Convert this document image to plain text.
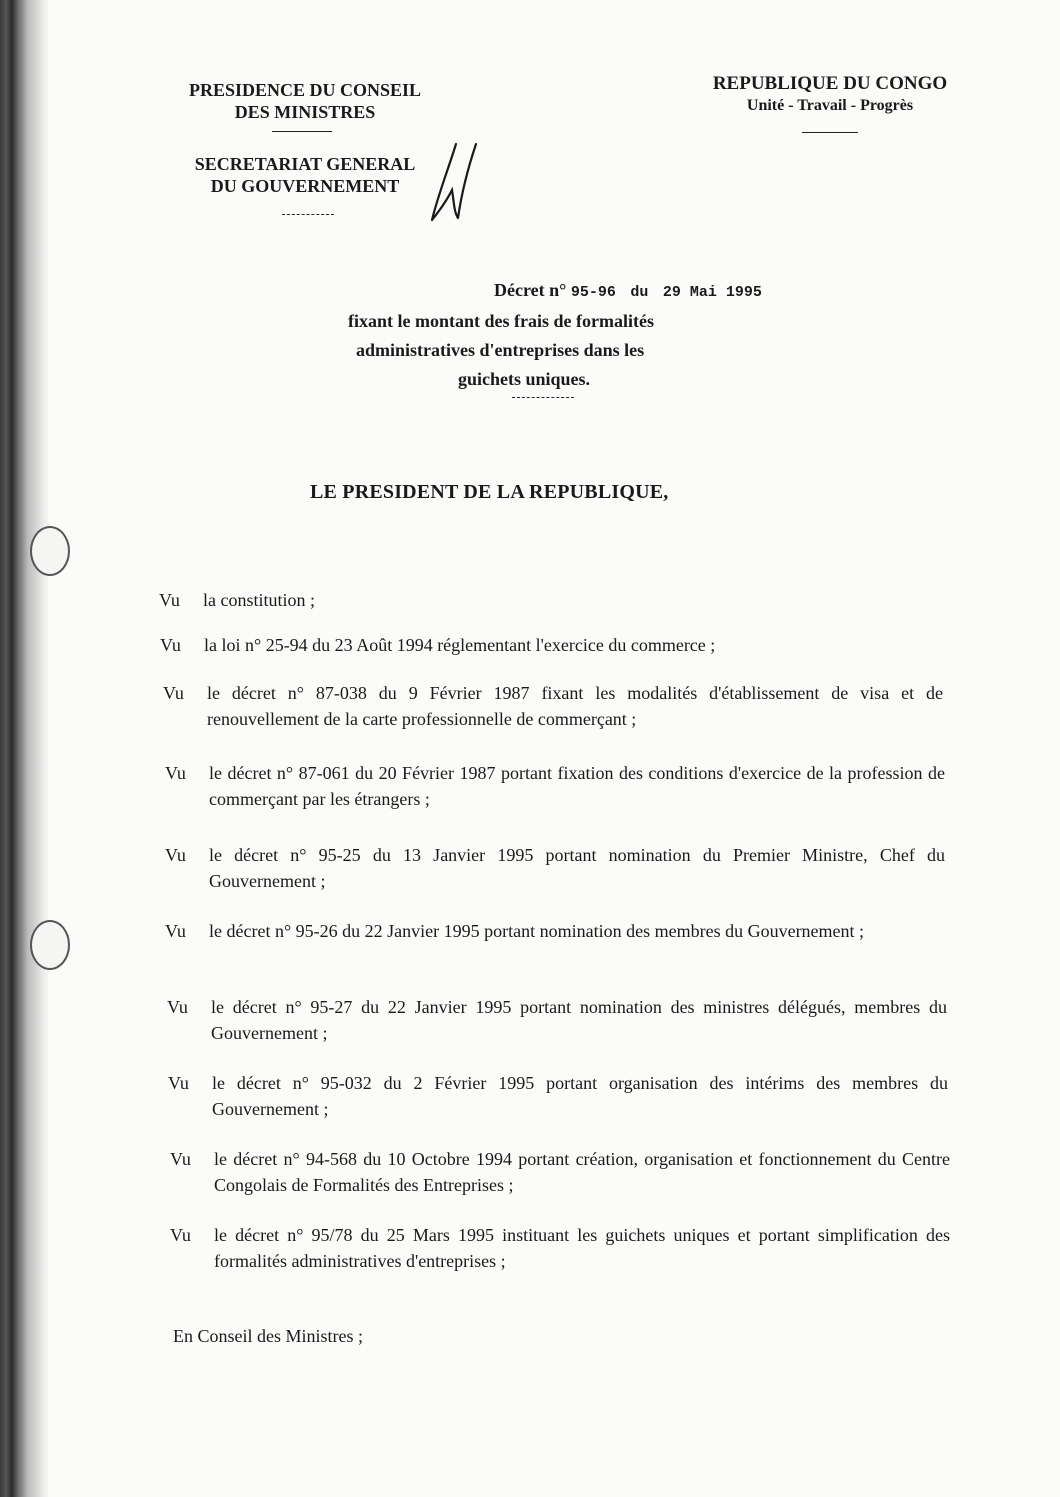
PRESIDENCE DU CONSEIL
DES MINISTRES
SECRETARIAT GENERAL
DU GOUVERNEMENT
REPUBLIQUE DU CONGO
Unité - Travail - Progrès
Décret n° 95-96 du 29 Mai 1995
fixant le montant des frais de formalités
administratives d'entreprises dans les
guichets uniques.
LE PRESIDENT DE LA REPUBLIQUE,
Vu la constitution ;
Vu la loi n° 25-94 du 23 Août 1994 réglementant l'exercice du commerce ;
Vu le décret n° 87-038 du 9 Février 1987 fixant les modalités d'établissement de visa et de renouvellement de la carte professionnelle de commerçant ;
Vu le décret n° 87-061 du 20 Février 1987 portant fixation des conditions d'exercice de la profession de commerçant par les étrangers ;
Vu le décret n° 95-25 du 13 Janvier 1995 portant nomination du Premier Ministre, Chef du Gouvernement ;
Vu le décret n° 95-26 du 22 Janvier 1995 portant nomination des membres du Gouvernement ;
Vu le décret n° 95-27 du 22 Janvier 1995 portant nomination des ministres délégués, membres du Gouvernement ;
Vu le décret n° 95-032 du 2 Février 1995 portant organisation des intérims des membres du Gouvernement ;
Vu le décret n° 94-568 du 10 Octobre 1994 portant création, organisation et fonctionnement du Centre Congolais de Formalités des Entreprises ;
Vu le décret n° 95/78 du 25 Mars 1995 instituant les guichets uniques et portant simplification des formalités administratives d'entreprises ;
En Conseil des Ministres ;
